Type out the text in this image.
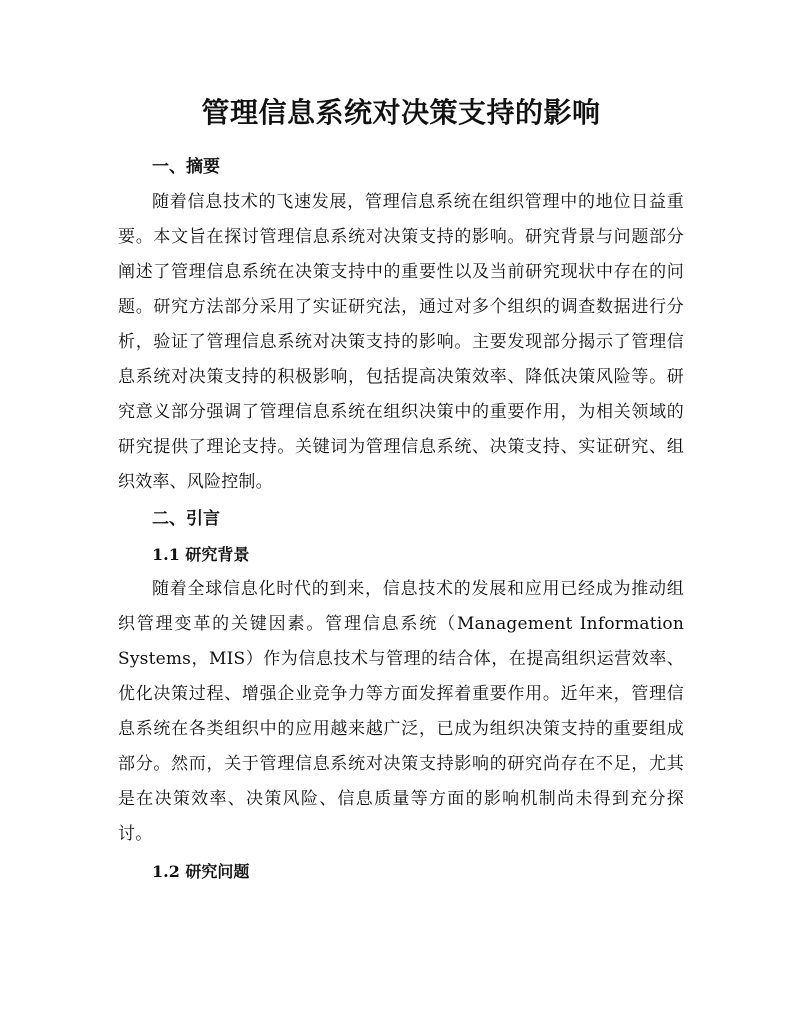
管理信息系统对决策支持的影响
一、摘要

随着信息技术的飞速发展，管理信息系统在组织管理中的地位日益重要。本文旨在探讨管理信息系统对决策支持的影响。研究背景与问题部分阐述了管理信息系统在决策支持中的重要性以及当前研究现状中存在的问题。研究方法部分采用了实证研究法，通过对多个组织的调查数据进行分析，验证了管理信息系统对决策支持的影响。主要发现部分揭示了管理信息系统对决策支持的积极影响，包括提高决策效率、降低决策风险等。研究意义部分强调了管理信息系统在组织决策中的重要作用，为相关领域的研究提供了理论支持。关键词为管理信息系统、决策支持、实证研究、组织效率、风险控制。

二、引言
1.1 研究背景

随着全球信息化时代的到来，信息技术的发展和应用已经成为推动组织管理变革的关键因素。管理信息系统（Management Information Systems，MIS）作为信息技术与管理的结合体，在提高组织运营效率、优化决策过程、增强企业竞争力等方面发挥着重要作用。近年来，管理信息系统在各类组织中的应用越来越广泛，已成为组织决策支持的重要组成部分。然而，关于管理信息系统对决策支持影响的研究尚存在不足，尤其是在决策效率、决策风险、信息质量等方面的影响机制尚未得到充分探讨。

1.2 研究问题
